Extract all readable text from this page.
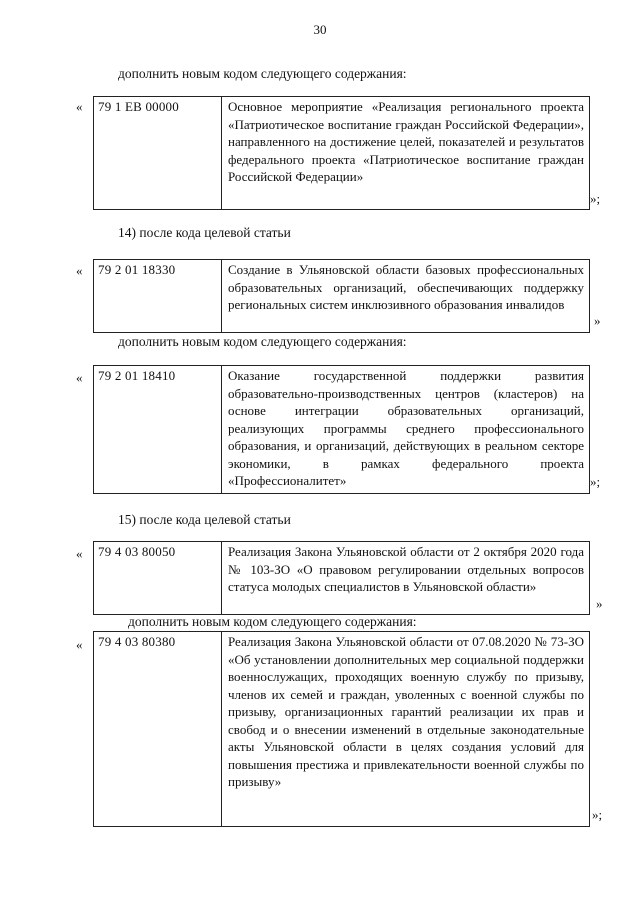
30
дополнить новым кодом следующего содержания:
«	79 1 EB 00000	Основное мероприятие «Реализация регионального проекта «Патриотическое воспитание граждан Российской Федерации», направленного на достижение целей, показателей и результатов федерального проекта «Патриотическое воспитание граждан Российской Федерации»
»;
14) после кода целевой статьи
«	79 2 01 18330	Создание в Ульяновской области базовых профессиональных образовательных организаций, обеспечивающих поддержку региональных систем инклюзивного образования инвалидов
»
дополнить новым кодом следующего содержания:
«	79 2 01 18410	Оказание государственной поддержки развития образовательно-производственных центров (кластеров) на основе интеграции образовательных организаций, реализующих программы среднего профессионального образования, и организаций, действующих в реальном секторе экономики, в рамках федерального проекта «Профессионалитет»	»;
15) после кода целевой статьи
«	79 4 03 80050	Реализация Закона Ульяновской области от 2 октября 2020 года № 103-ЗО «О правовом регулировании отдельных вопросов статуса молодых специалистов в Ульяновской области»
»
дополнить новым кодом следующего содержания:
«	79 4 03 80380	Реализация Закона Ульяновской области от 07.08.2020 № 73-ЗО «Об установлении дополнительных мер социальной поддержки военнослужащих, проходящих военную службу по призыву, членов их семей и граждан, уволенных с военной службы по призыву, организационных гарантий реализации их прав и свобод и о внесении изменений в отдельные законодательные акты Ульяновской области в целях создания условий для повышения престижа и привлекательности военной службы по призыву»
»;
